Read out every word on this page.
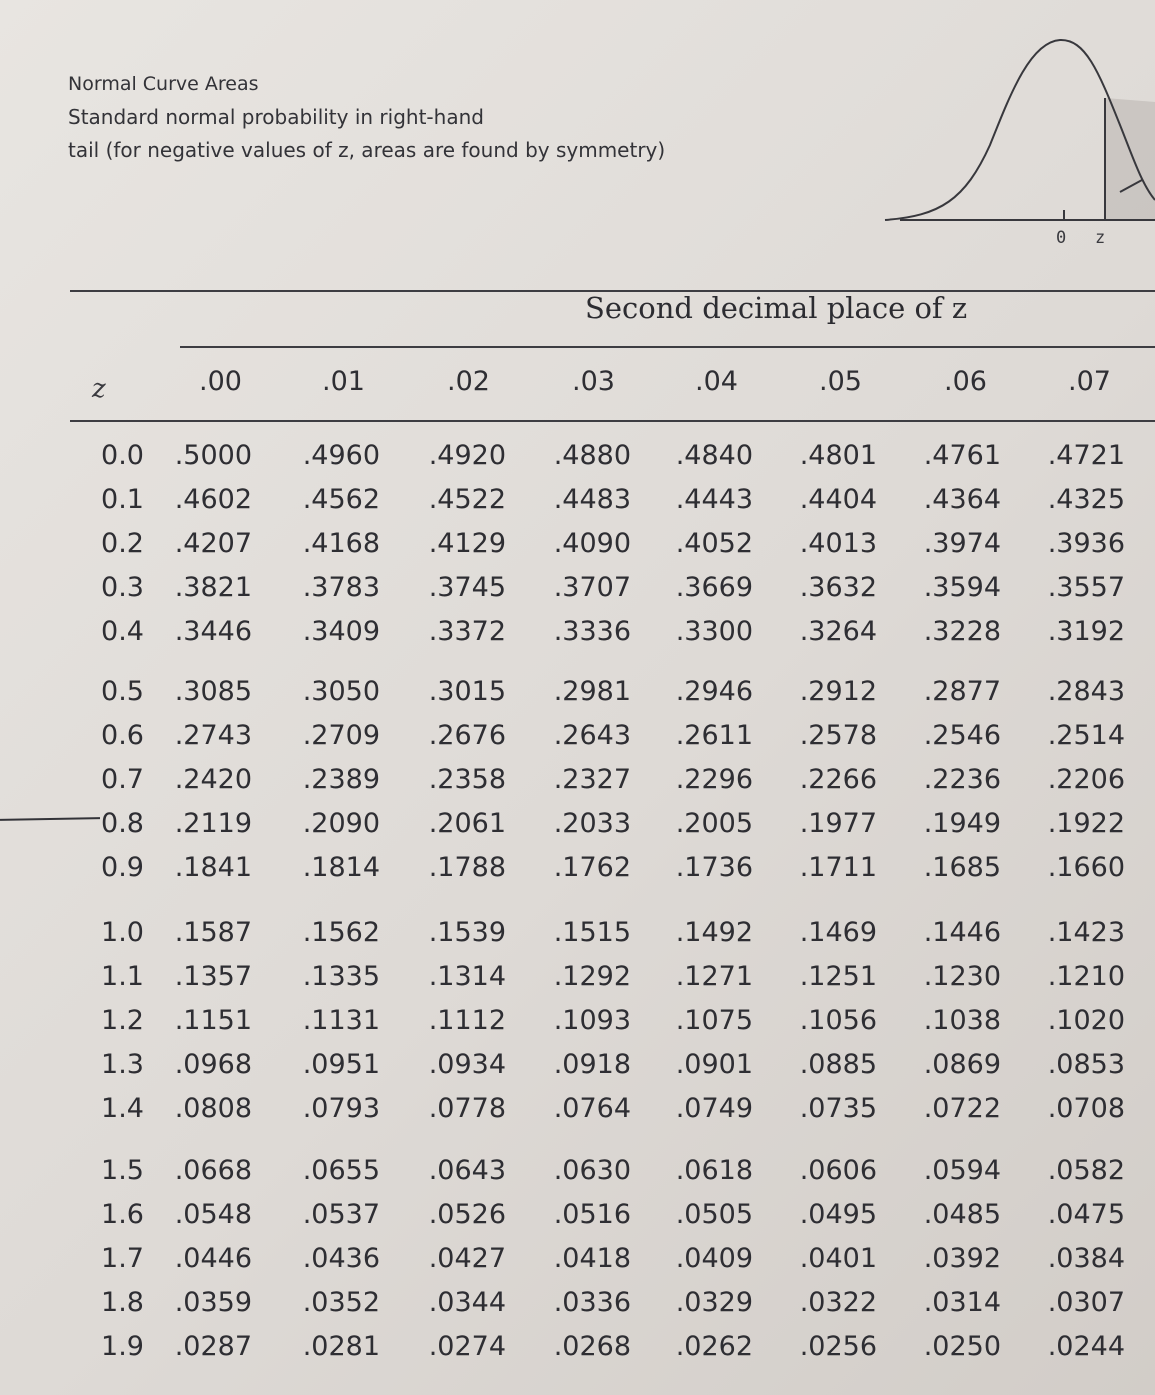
Normal Curve Areas
Standard normal probability in right-hand
tail (for negative values of z, areas are found by symmetry)
0 z
Second decimal place of z
z	.00	.01	.02	.03	.04	.05	.06	.07
0.0	.5000	.4960	.4920	.4880	.4840	.4801	.4761	.4721
0.1	.4602	.4562	.4522	.4483	.4443	.4404	.4364	.4325
0.2	.4207	.4168	.4129	.4090	.4052	.4013	.3974	.3936
0.3	.3821	.3783	.3745	.3707	.3669	.3632	.3594	.3557
0.4	.3446	.3409	.3372	.3336	.3300	.3264	.3228	.3192
0.5	.3085	.3050	.3015	.2981	.2946	.2912	.2877	.2843
0.6	.2743	.2709	.2676	.2643	.2611	.2578	.2546	.2514
0.7	.2420	.2389	.2358	.2327	.2296	.2266	.2236	.2206
0.8	.2119	.2090	.2061	.2033	.2005	.1977	.1949	.1922
0.9	.1841	.1814	.1788	.1762	.1736	.1711	.1685	.1660
1.0	.1587	.1562	.1539	.1515	.1492	.1469	.1446	.1423
1.1	.1357	.1335	.1314	.1292	.1271	.1251	.1230	.1210
1.2	.1151	.1131	.1112	.1093	.1075	.1056	.1038	.1020
1.3	.0968	.0951	.0934	.0918	.0901	.0885	.0869	.0853
1.4	.0808	.0793	.0778	.0764	.0749	.0735	.0722	.0708
1.5	.0668	.0655	.0643	.0630	.0618	.0606	.0594	.0582
1.6	.0548	.0537	.0526	.0516	.0505	.0495	.0485	.0475
1.7	.0446	.0436	.0427	.0418	.0409	.0401	.0392	.0384
1.8	.0359	.0352	.0344	.0336	.0329	.0322	.0314	.0307
1.9	.0287	.0281	.0274	.0268	.0262	.0256	.0250	.0244
